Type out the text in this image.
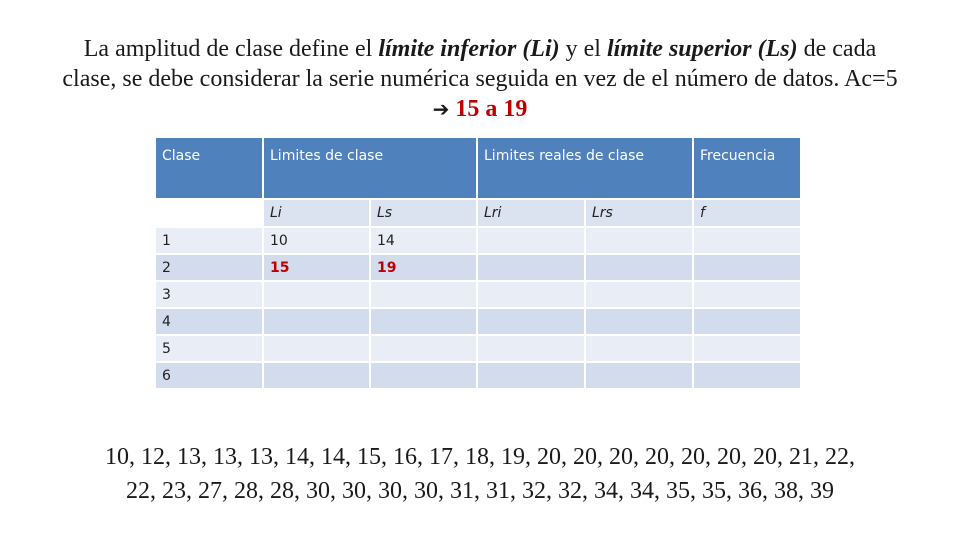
La amplitud de clase define el límite inferior (Li) y el límite superior (Ls) de cada clase, se debe considerar la serie numérica seguida en vez de el número de datos. Ac=5 ➔ 15 a 19
Clase	Limites de clase		Limites reales de clase		Frecuencia
	Li	Ls	Lri	Lrs	f
1	10	14			
2	15	19			
3					
4					
5					
6					
10, 12, 13, 13, 13, 14, 14, 15, 16, 17, 18, 19, 20, 20, 20, 20, 20, 20, 20, 21, 22,
22, 23, 27, 28, 28, 30, 30, 30, 30, 31, 31, 32, 32, 34, 34, 35, 35, 36, 38, 39
